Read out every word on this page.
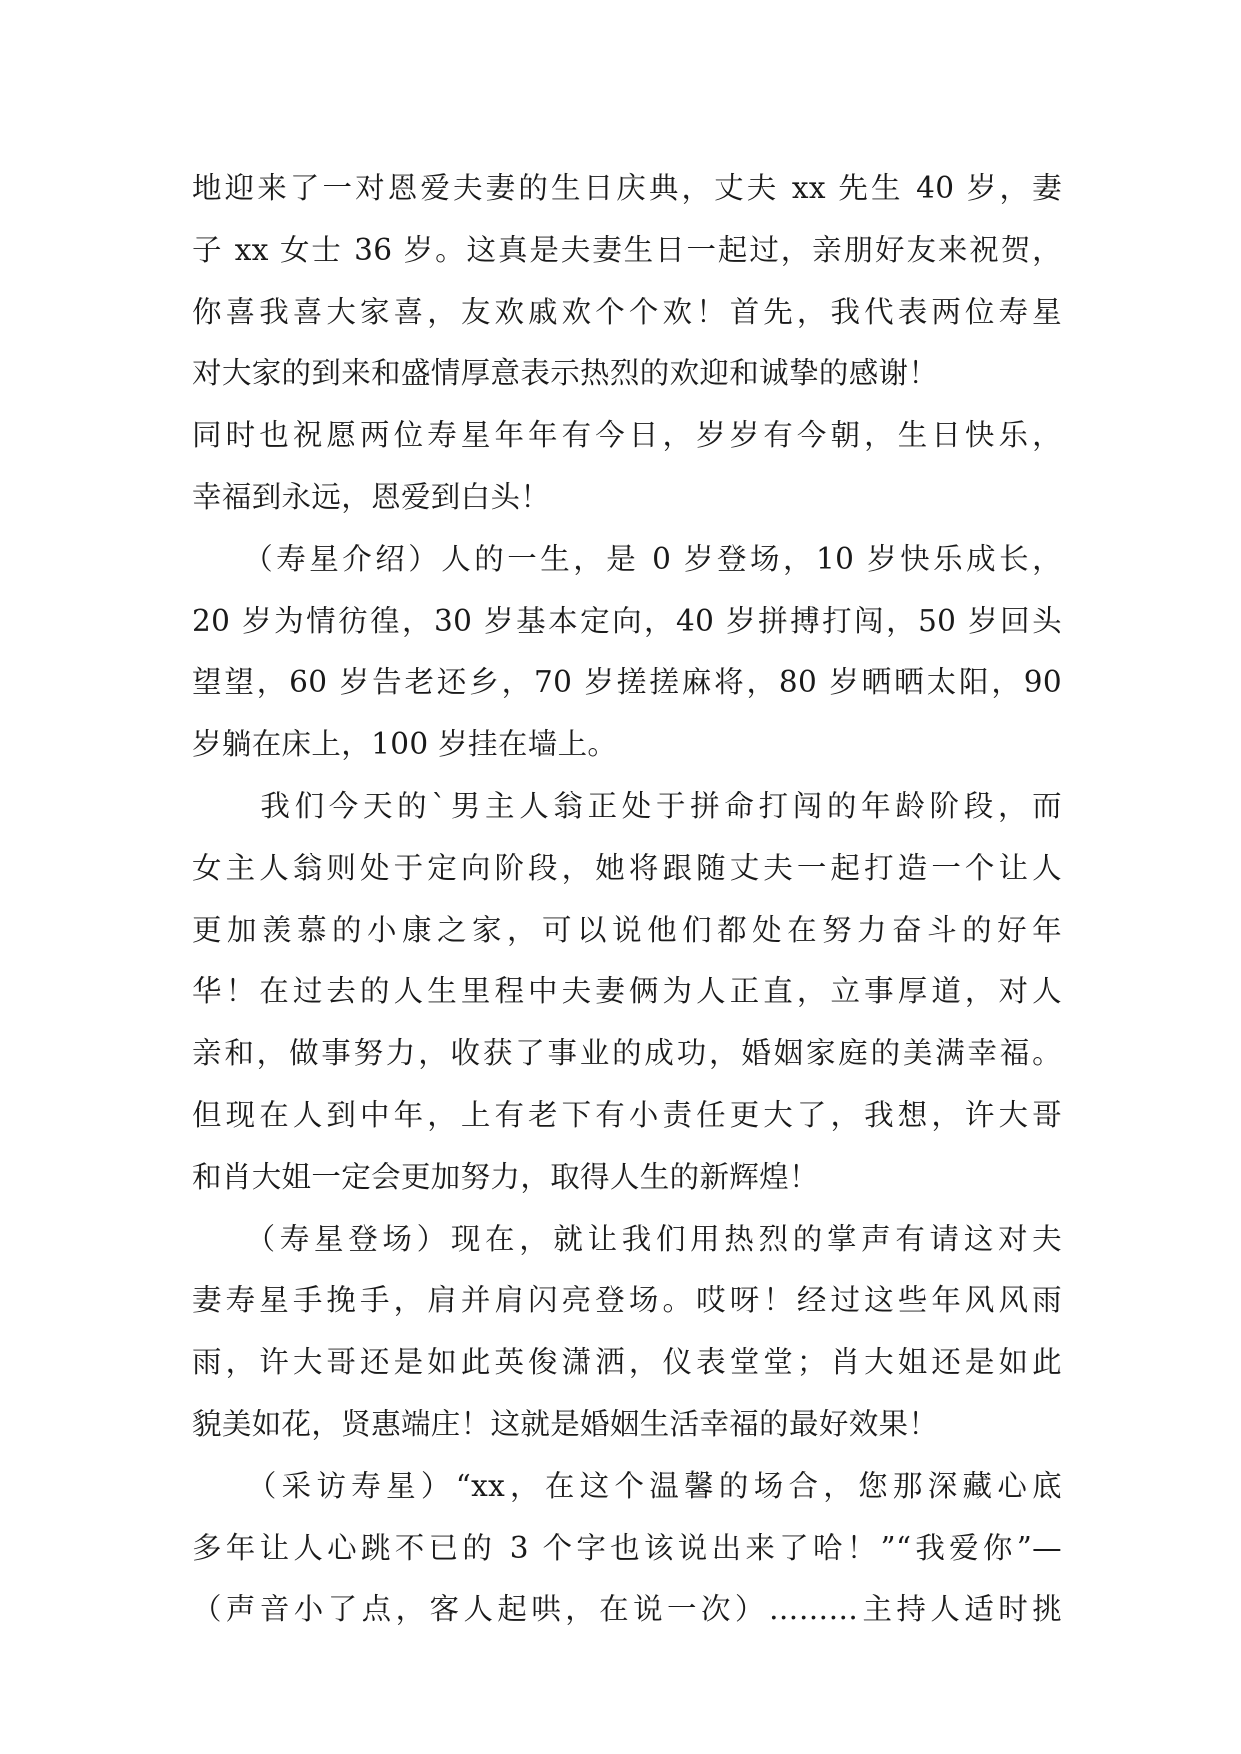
地迎来了一对恩爱夫妻的生日庆典，丈夫 xx 先生 40 岁，妻
子 xx 女士 36 岁。这真是夫妻生日一起过，亲朋好友来祝贺，
你喜我喜大家喜，友欢戚欢个个欢！首先，我代表两位寿星
对大家的到来和盛情厚意表示热烈的欢迎和诚挚的感谢！
同时也祝愿两位寿星年年有今日，岁岁有今朝，生日快乐，
幸福到永远，恩爱到白头！
　　（寿星介绍）人的一生，是 0 岁登场，10 岁快乐成长，
20 岁为情彷徨，30 岁基本定向，40 岁拼搏打闯，50 岁回头
望望，60 岁告老还乡，70 岁搓搓麻将，80 岁晒晒太阳，90
岁躺在床上，100 岁挂在墙上。
　　我们今天的`男主人翁正处于拼命打闯的年龄阶段，而
女主人翁则处于定向阶段，她将跟随丈夫一起打造一个让人
更加羡慕的小康之家，可以说他们都处在努力奋斗的好年
华！在过去的人生里程中夫妻俩为人正直，立事厚道，对人
亲和，做事努力，收获了事业的成功，婚姻家庭的美满幸福。
但现在人到中年，上有老下有小责任更大了，我想，许大哥
和肖大姐一定会更加努力，取得人生的新辉煌！
　　（寿星登场）现在，就让我们用热烈的掌声有请这对夫
妻寿星手挽手，肩并肩闪亮登场。哎呀！经过这些年风风雨
雨，许大哥还是如此英俊潇洒，仪表堂堂；肖大姐还是如此
貌美如花，贤惠端庄！这就是婚姻生活幸福的最好效果！
　　（采访寿星）“xx，在这个温馨的场合，您那深藏心底
多年让人心跳不已的 3 个字也该说出来了哈！”“我爱你”—
（声音小了点，客人起哄，在说一次）………主持人适时挑
